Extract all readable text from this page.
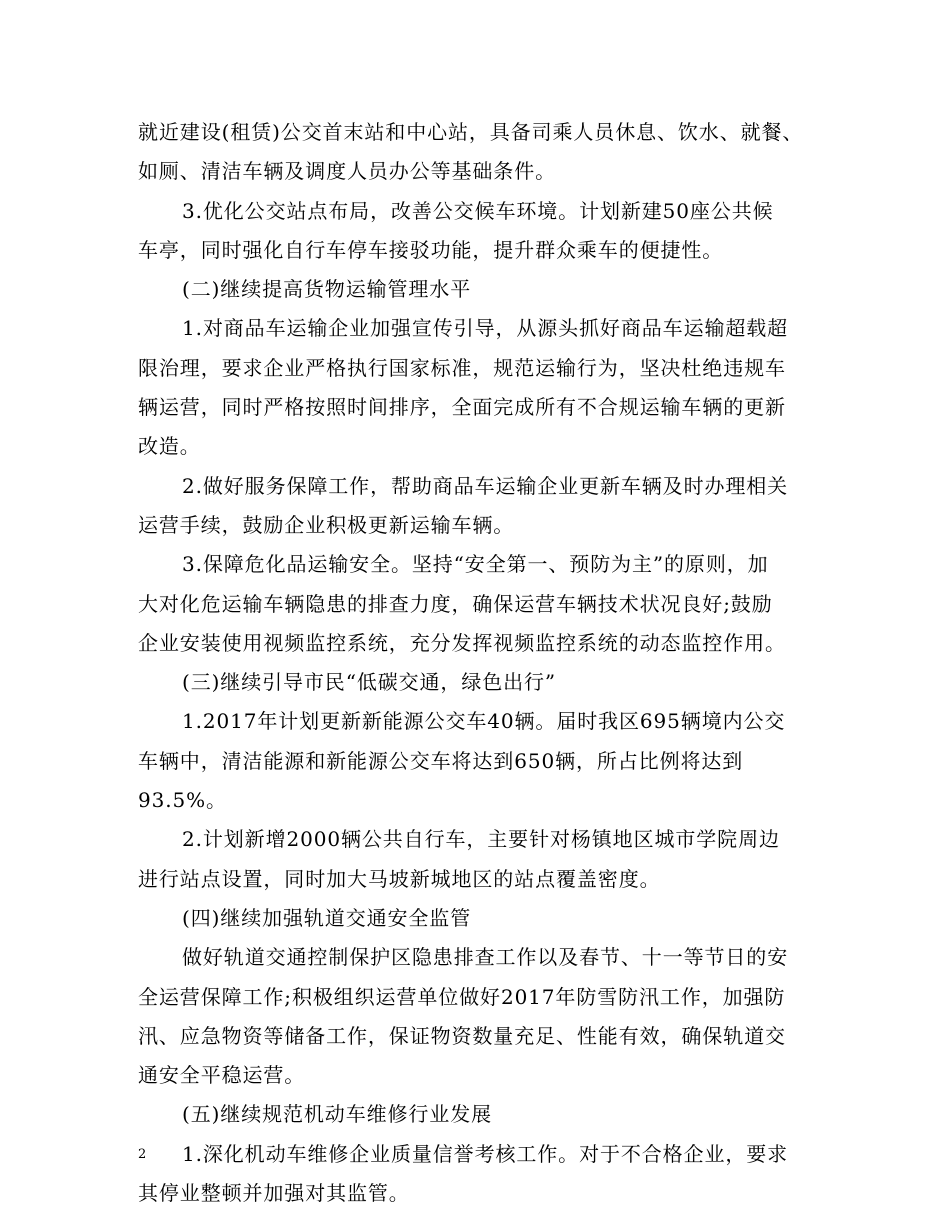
就近建设(租赁)公交首末站和中心站，具备司乘人员休息、饮水、就餐、
如厕、清洁车辆及调度人员办公等基础条件。
3.优化公交站点布局，改善公交候车环境。计划新建50座公共候
车亭，同时强化自行车停车接驳功能，提升群众乘车的便捷性。
(二)继续提高货物运输管理水平
1.对商品车运输企业加强宣传引导，从源头抓好商品车运输超载超
限治理，要求企业严格执行国家标准，规范运输行为，坚决杜绝违规车
辆运营，同时严格按照时间排序，全面完成所有不合规运输车辆的更新
改造。
2.做好服务保障工作，帮助商品车运输企业更新车辆及时办理相关
运营手续，鼓励企业积极更新运输车辆。
3.保障危化品运输安全。坚持“安全第一、预防为主”的原则，加
大对化危运输车辆隐患的排查力度，确保运营车辆技术状况良好;鼓励
企业安装使用视频监控系统，充分发挥视频监控系统的动态监控作用。
(三)继续引导市民“低碳交通，绿色出行”
1.2017年计划更新新能源公交车40辆。届时我区695辆境内公交
车辆中，清洁能源和新能源公交车将达到650辆，所占比例将达到
93.5%。
2.计划新增2000辆公共自行车，主要针对杨镇地区城市学院周边
进行站点设置，同时加大马坡新城地区的站点覆盖密度。
(四)继续加强轨道交通安全监管
做好轨道交通控制保护区隐患排查工作以及春节、十一等节日的安
全运营保障工作;积极组织运营单位做好2017年防雪防汛工作，加强防
汛、应急物资等储备工作，保证物资数量充足、性能有效，确保轨道交
通安全平稳运营。
(五)继续规范机动车维修行业发展
1.深化机动车维修企业质量信誉考核工作。对于不合格企业，要求
其停业整顿并加强对其监管。
2
